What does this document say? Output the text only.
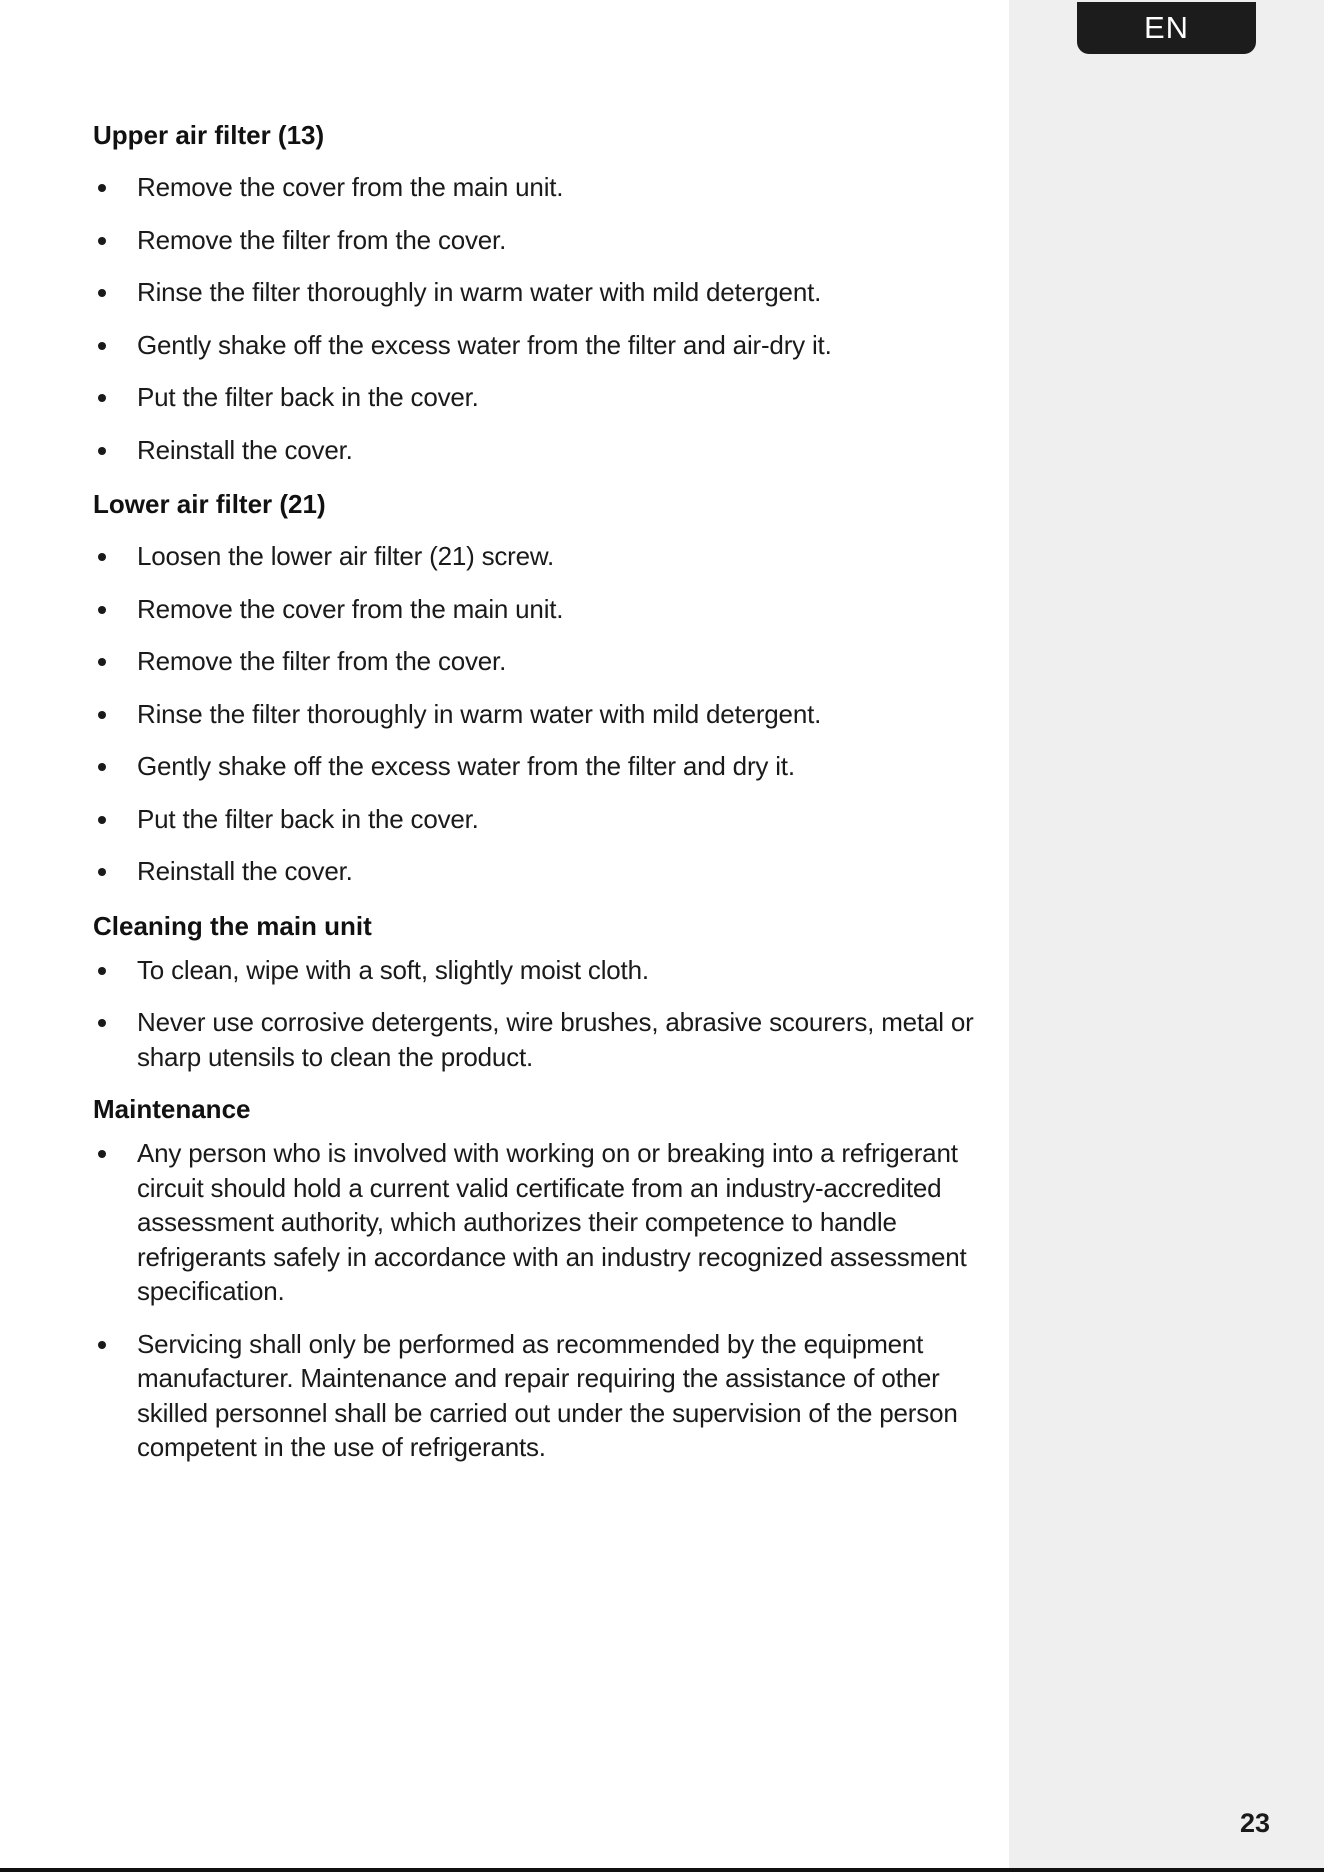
EN
Upper air filter (13)
Remove the cover from the main unit.
Remove the filter from the cover.
Rinse the filter thoroughly in warm water with mild detergent.
Gently shake off the excess water from the filter and air-dry it.
Put the filter back in the cover.
Reinstall the cover.
Lower air filter (21)
Loosen the lower air filter (21) screw.
Remove the cover from the main unit.
Remove the filter from the cover.
Rinse the filter thoroughly in warm water with mild detergent.
Gently shake off the excess water from the filter and dry it.
Put the filter back in the cover.
Reinstall the cover.
Cleaning the main unit
To clean, wipe with a soft, slightly moist cloth.
Never use corrosive detergents, wire brushes, abrasive scourers, metal or sharp utensils to clean the product.
Maintenance
Any person who is involved with working on or breaking into a refrigerant circuit should hold a current valid certificate from an industry-accredited assessment authority, which authorizes their competence to handle refrigerants safely in accordance with an industry recognized assessment specification.
Servicing shall only be performed as recommended by the equipment manufacturer. Maintenance and repair requiring the assistance of other skilled personnel shall be carried out under the supervision of the person competent in the use of refrigerants.
23
